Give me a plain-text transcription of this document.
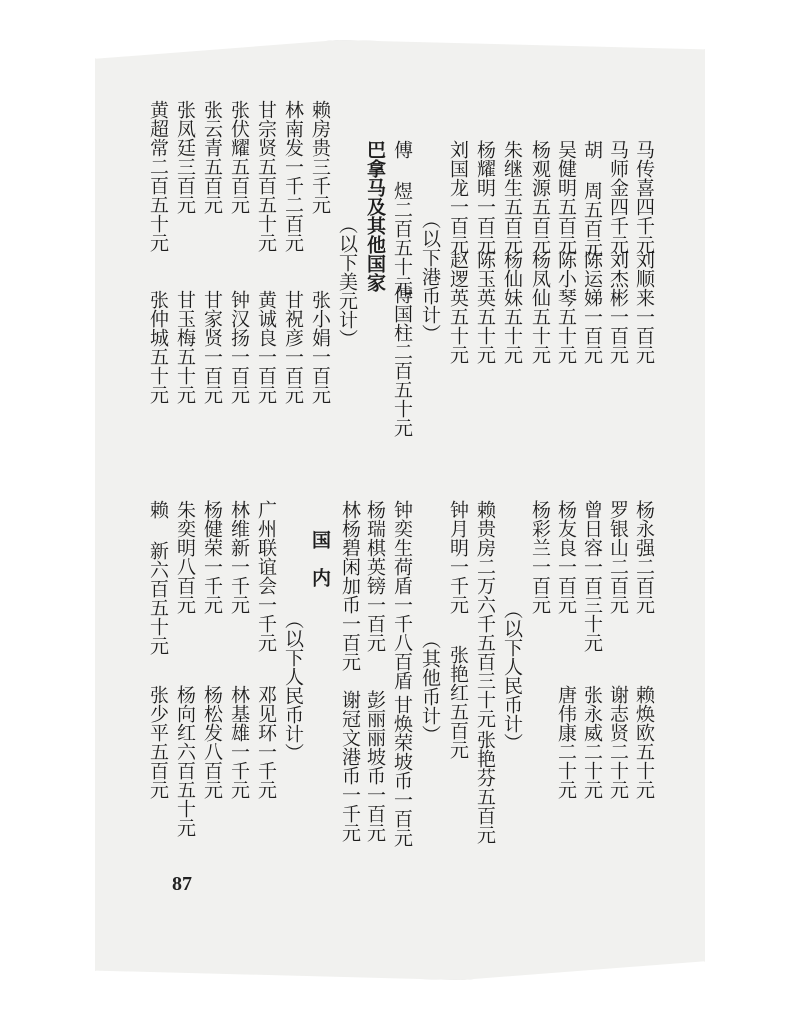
马传喜四千元
刘顺来一百元
马师金四千元
刘杰彬一百元
胡 周五百元
陈运娣一百元
吴健明五百元
陈小琴五十元
杨观源五百元
杨凤仙五十元
朱继生五百元
杨仙妹五十元
杨耀明一百元
陈玉英五十元
刘国龙一百元
赵逻英五十元
（以下港币计）
傅 煜二百五十元
傅国柱二百五十元
巴拿马及其他国家
（以下美元计）
赖房贵三千元
张小娟一百元
林南发一千二百元
甘祝彦一百元
甘宗贤五百五十元
黄诚良一百元
张伏耀五百元
钟汉扬一百元
张云青五百元
甘家贤一百元
张凤廷三百元
甘玉梅五十元
黄超常二百五十元
张仲城五十元
杨永强二百元
赖焕欧五十元
罗银山二百元
谢志贤二十元
曾日容一百三十元
张永威二十元
杨友良一百元
唐伟康二十元
杨彩兰一百元
（以下人民币计）
赖贵房二万六千五百三十元
张艳芬五百元
钟月明一千元
张艳红五百元
（其他币计）
钟奕生荷盾一千八百盾
甘焕荣坡币一百元
杨瑞棋英镑一百元
彭丽丽坡币一百元
林杨碧闲加币一百元
谢冠文港币一千元
国　内
（以下人民币计）
广州联谊会一千元
邓见环一千元
林维新一千元
林基雄一千元
杨健荣一千元
杨松发八百元
朱奕明八百元
杨向红六百五十元
赖 新六百五十元
张少平五百元
87
